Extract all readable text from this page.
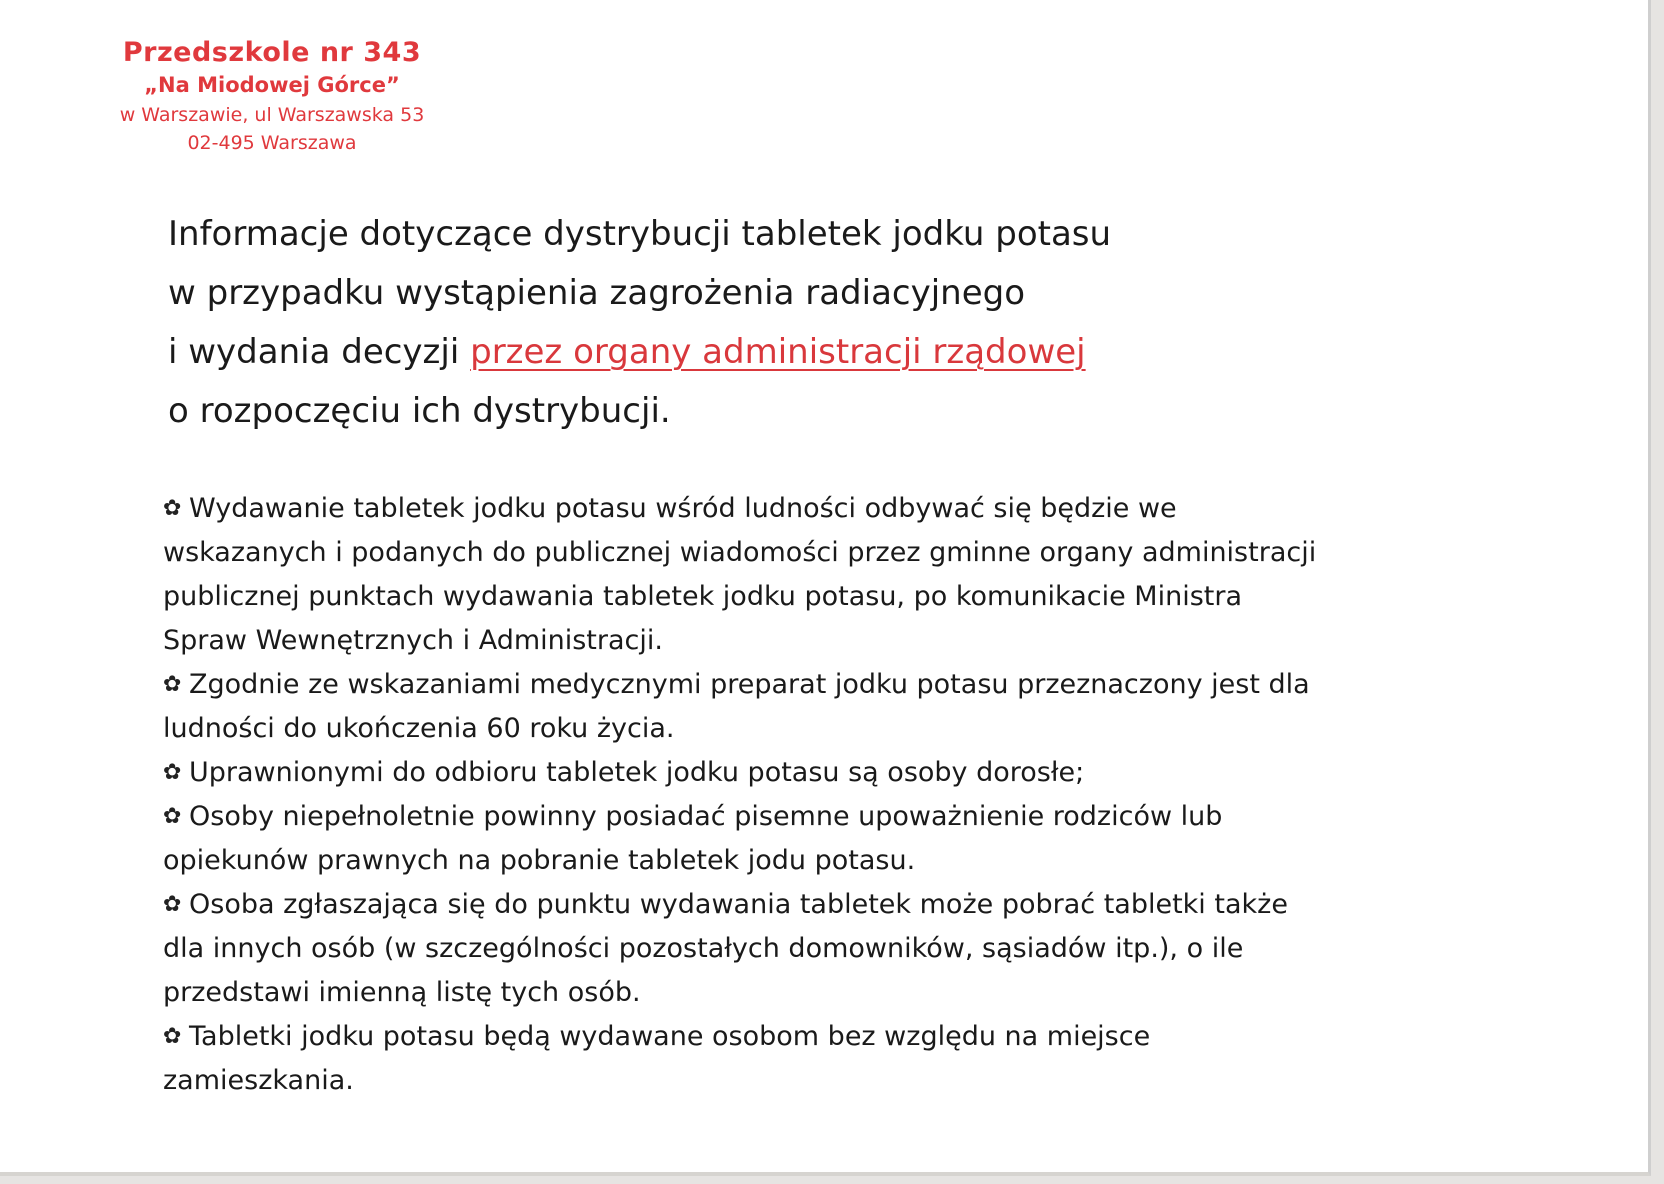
Przedszkole nr 343
„Na Miodowej Górce”
w Warszawie, ul Warszawska 53
02-495 Warszawa
Informacje dotyczące dystrybucji tabletek jodku potasu
w przypadku wystąpienia zagrożenia radiacyjnego
i wydania decyzji przez organy administracji rządowej
o rozpoczęciu ich dystrybucji.
✿ Wydawanie tabletek jodku potasu wśród ludności odbywać się będzie we
wskazanych i podanych do publicznej wiadomości przez gminne organy administracji
publicznej punktach wydawania tabletek jodku potasu, po komunikacie Ministra
Spraw Wewnętrznych i Administracji.
✿ Zgodnie ze wskazaniami medycznymi preparat jodku potasu przeznaczony jest dla
ludności do ukończenia 60 roku życia.
✿ Uprawnionymi do odbioru tabletek jodku potasu są osoby dorosłe;
✿ Osoby niepełnoletnie powinny posiadać pisemne upoważnienie rodziców lub
opiekunów prawnych na pobranie tabletek jodu potasu.
✿ Osoba zgłaszająca się do punktu wydawania tabletek może pobrać tabletki także
dla innych osób (w szczególności pozostałych domowników, sąsiadów itp.), o ile
przedstawi imienną listę tych osób.
✿ Tabletki jodku potasu będą wydawane osobom bez względu na miejsce
zamieszkania.
